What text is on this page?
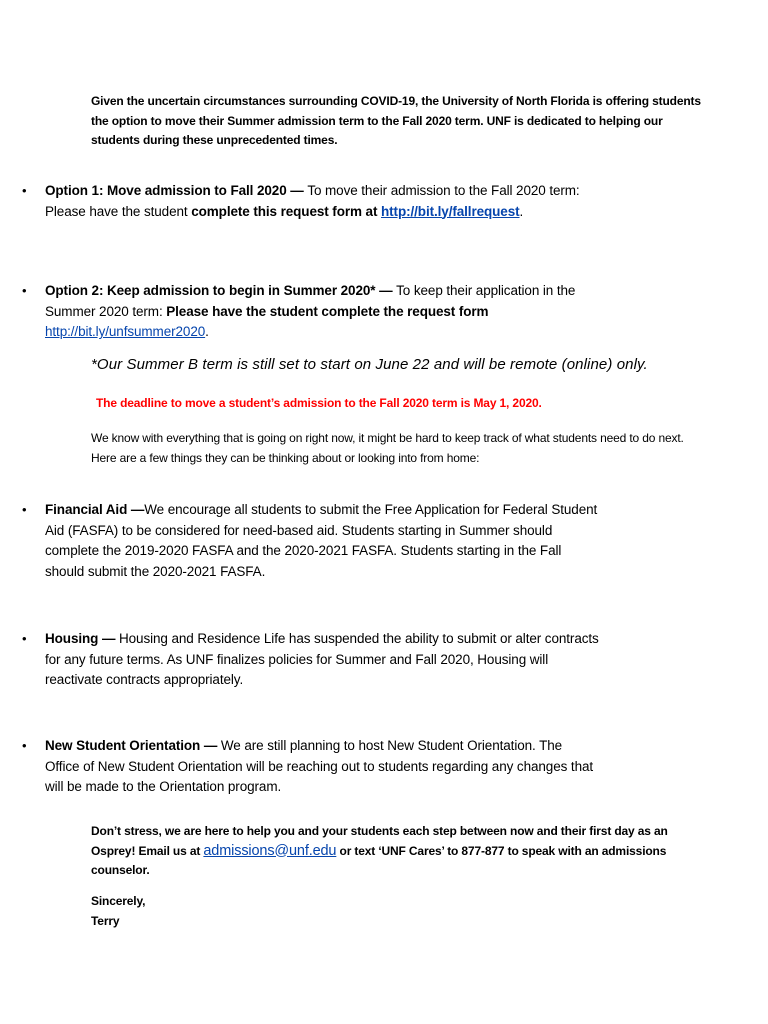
Given the uncertain circumstances surrounding COVID-19, the University of North Florida is offering students the option to move their Summer admission term to the Fall 2020 term. UNF is dedicated to helping our students during these unprecedented times.
• Option 1: Move admission to Fall 2020 — To move their admission to the Fall 2020 term: Please have the student complete this request form at http://bit.ly/fallrequest.
• Option 2: Keep admission to begin in Summer 2020* — To keep their application in the Summer 2020 term: Please have the student complete the request form http://bit.ly/unfsummer2020.
*Our Summer B term is still set to start on June 22 and will be remote (online) only.
The deadline to move a student’s admission to the Fall 2020 term is May 1, 2020.
We know with everything that is going on right now, it might be hard to keep track of what students need to do next. Here are a few things they can be thinking about or looking into from home:
• Financial Aid —We encourage all students to submit the Free Application for Federal Student Aid (FASFA) to be considered for need-based aid. Students starting in Summer should complete the 2019-2020 FASFA and the 2020-2021 FASFA. Students starting in the Fall should submit the 2020-2021 FASFA.
• Housing — Housing and Residence Life has suspended the ability to submit or alter contracts for any future terms. As UNF finalizes policies for Summer and Fall 2020, Housing will reactivate contracts appropriately.
• New Student Orientation — We are still planning to host New Student Orientation. The Office of New Student Orientation will be reaching out to students regarding any changes that will be made to the Orientation program.
Don’t stress, we are here to help you and your students each step between now and their first day as an Osprey! Email us at admissions@unf.edu or text ‘UNF Cares’ to 877-877 to speak with an admissions counselor.
Sincerely,
Terry
